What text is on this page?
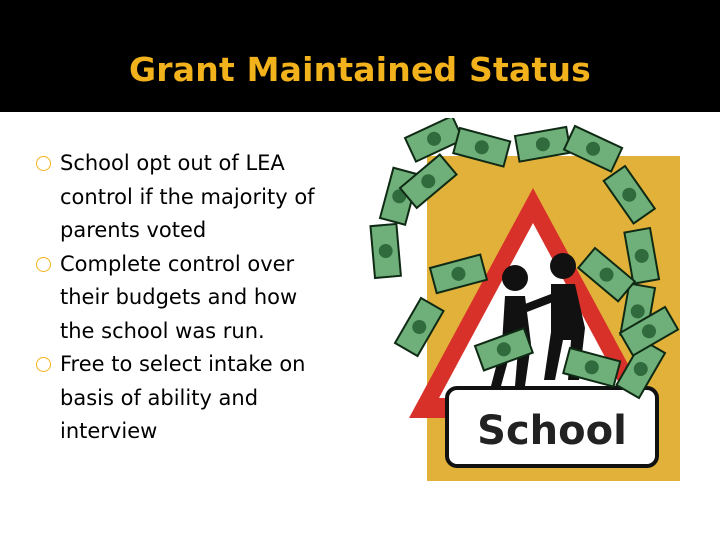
Grant Maintained Status
School opt out of LEA
control if the majority of
parents voted
Complete control over
their budgets and how
the school was run.
Free to select intake on
basis of ability and
interview	School
